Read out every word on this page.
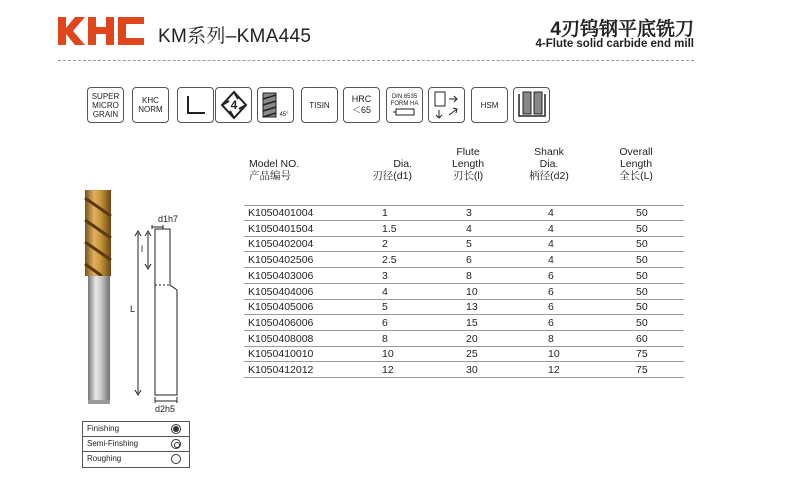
KM系列–KMA445	4刃钨钢平底铣刀
4-Flute solid carbide end mill
SUPER
MICRO
GRAIN
KHC
NORM	4
45°
TISIN
HRC
＜65
DIN 6535
FORM HA	HSM
d1h7
l
L
d2h5
Model NO.
产品编号
Dia.
刃径(d1)
Flute
Length
刃长(l)
Shank
Dia.
柄径(d2)
Overall
Length
全长(L)
K1050401004	1	3	4	50
K1050401504	1.5	4	4	50
K1050402004	2	5	4	50
K1050402506	2.5	6	4	50
K1050403006	3	8	6	50
K1050404006	4	10	6	50
K1050405006	5	13	6	50
K1050406006	6	15	6	50
K1050408008	8	20	8	60
K1050410010	10	25	10	75
K1050412012	12	30	12	75
Finishing
Semi-Finshing
Roughing
